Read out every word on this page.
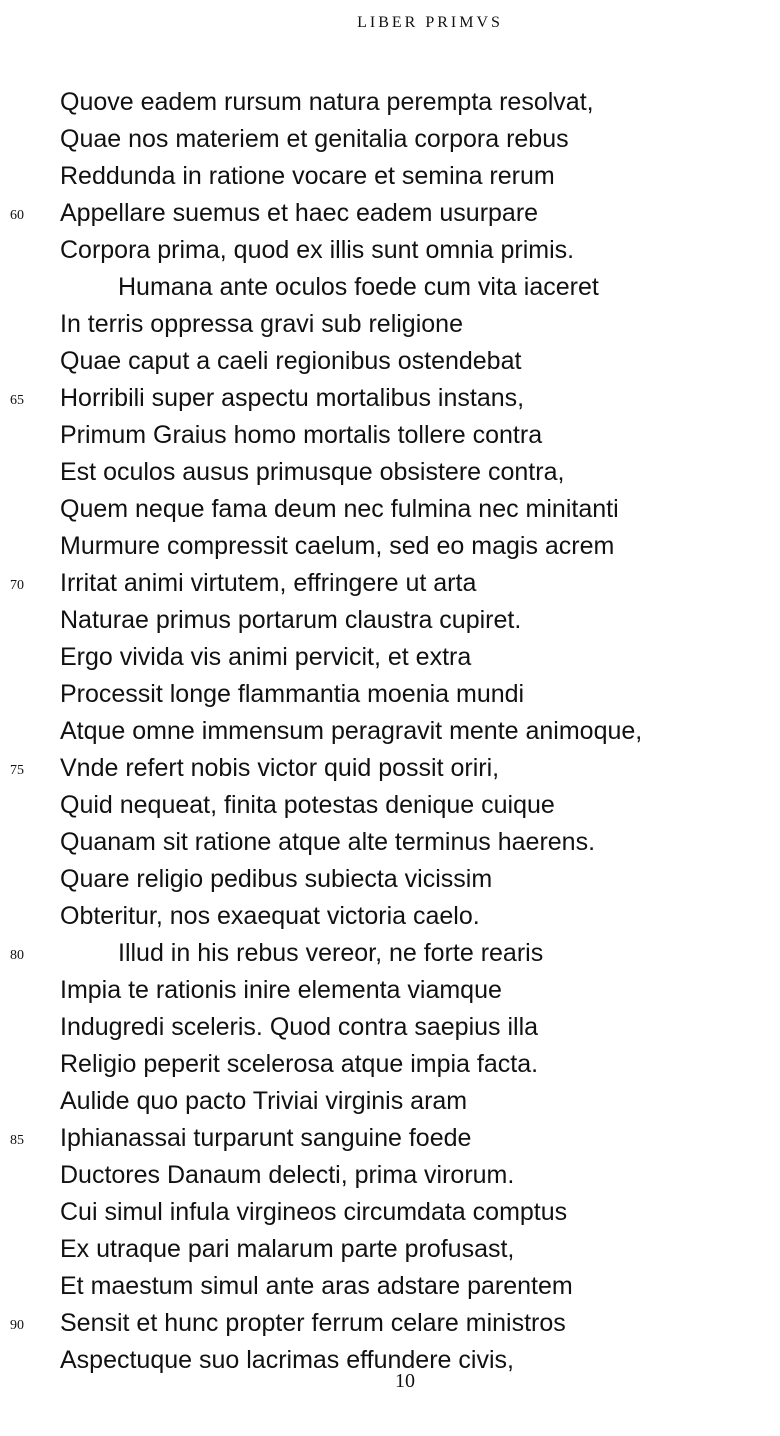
LIBER PRIMVS
Quove eadem rursum natura perempta resolvat,
Quae nos materiem et genitalia corpora rebus
Reddunda in ratione vocare et semina rerum
60	Appellare suemus et haec eadem usurpare
Corpora prima, quod ex illis sunt omnia primis.
Humana ante oculos foede cum vita iaceret
In terris oppressa gravi sub religione
Quae caput a caeli regionibus ostendebat
65	Horribili super aspectu mortalibus instans,
Primum Graius homo mortalis tollere contra
Est oculos ausus primusque obsistere contra,
Quem neque fama deum nec fulmina nec minitanti
Murmure compressit caelum, sed eo magis acrem
70	Irritat animi virtutem, effringere ut arta
Naturae primus portarum claustra cupiret.
Ergo vivida vis animi pervicit, et extra
Processit longe flammantia moenia mundi
Atque omne immensum peragravit mente animoque,
75	Vnde refert nobis victor quid possit oriri,
Quid nequeat, finita potestas denique cuique
Quanam sit ratione atque alte terminus haerens.
Quare religio pedibus subiecta vicissim
Obteritur, nos exaequat victoria caelo.
80	Illud in his rebus vereor, ne forte rearis
Impia te rationis inire elementa viamque
Indugredi sceleris. Quod contra saepius illa
Religio peperit scelerosa atque impia facta.
Aulide quo pacto Triviai virginis aram
85	Iphianassai turparunt sanguine foede
Ductores Danaum delecti, prima virorum.
Cui simul infula virgineos circumdata comptus
Ex utraque pari malarum parte profusast,
Et maestum simul ante aras adstare parentem
90	Sensit et hunc propter ferrum celare ministros
Aspectuque suo lacrimas effundere civis,
10
